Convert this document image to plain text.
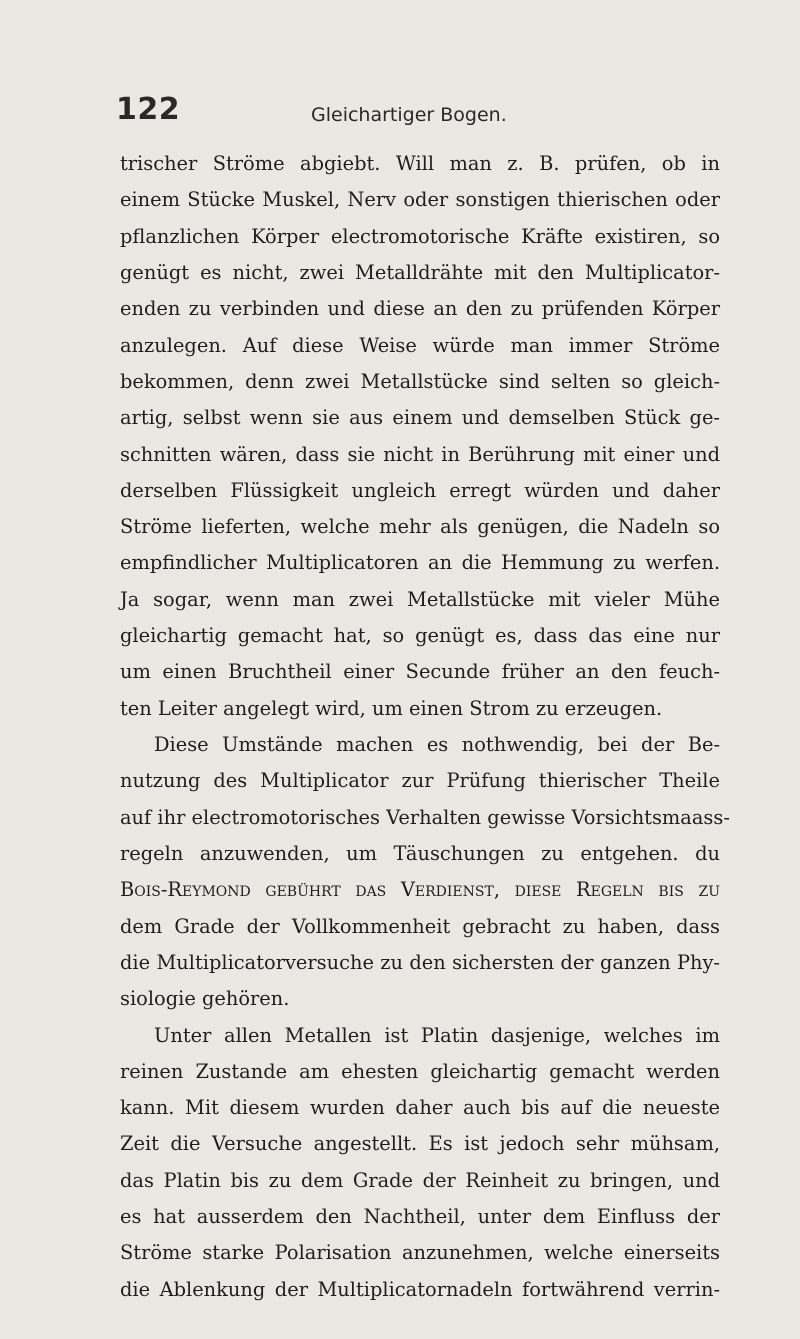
122	Gleichartiger Bogen.
trischer Ströme abgiebt. Will man z. B. prüfen, ob in
einem Stücke Muskel, Nerv oder sonstigen thierischen oder
pflanzlichen Körper electromotorische Kräfte existiren, so
genügt es nicht, zwei Metalldrähte mit den Multiplicator-
enden zu verbinden und diese an den zu prüfenden Körper
anzulegen. Auf diese Weise würde man immer Ströme
bekommen, denn zwei Metallstücke sind selten so gleich-
artig, selbst wenn sie aus einem und demselben Stück ge-
schnitten wären, dass sie nicht in Berührung mit einer und
derselben Flüssigkeit ungleich erregt würden und daher
Ströme lieferten, welche mehr als genügen, die Nadeln so
empfindlicher Multiplicatoren an die Hemmung zu werfen.
Ja sogar, wenn man zwei Metallstücke mit vieler Mühe
gleichartig gemacht hat, so genügt es, dass das eine nur
um einen Bruchtheil einer Secunde früher an den feuch-
ten Leiter angelegt wird, um einen Strom zu erzeugen.
Diese Umstände machen es nothwendig, bei der Be-
nutzung des Multiplicator zur Prüfung thierischer Theile
auf ihr electromotorisches Verhalten gewisse Vorsichtsmaass-
regeln anzuwenden, um Täuschungen zu entgehen. du
Bois-Reymond gebührt das Verdienst, diese Regeln bis zu
dem Grade der Vollkommenheit gebracht zu haben, dass
die Multiplicatorversuche zu den sichersten der ganzen Phy-
siologie gehören.
Unter allen Metallen ist Platin dasjenige, welches im
reinen Zustande am ehesten gleichartig gemacht werden
kann. Mit diesem wurden daher auch bis auf die neueste
Zeit die Versuche angestellt. Es ist jedoch sehr mühsam,
das Platin bis zu dem Grade der Reinheit zu bringen, und
es hat ausserdem den Nachtheil, unter dem Einfluss der
Ströme starke Polarisation anzunehmen, welche einerseits
die Ablenkung der Multiplicatornadeln fortwährend verrin-
